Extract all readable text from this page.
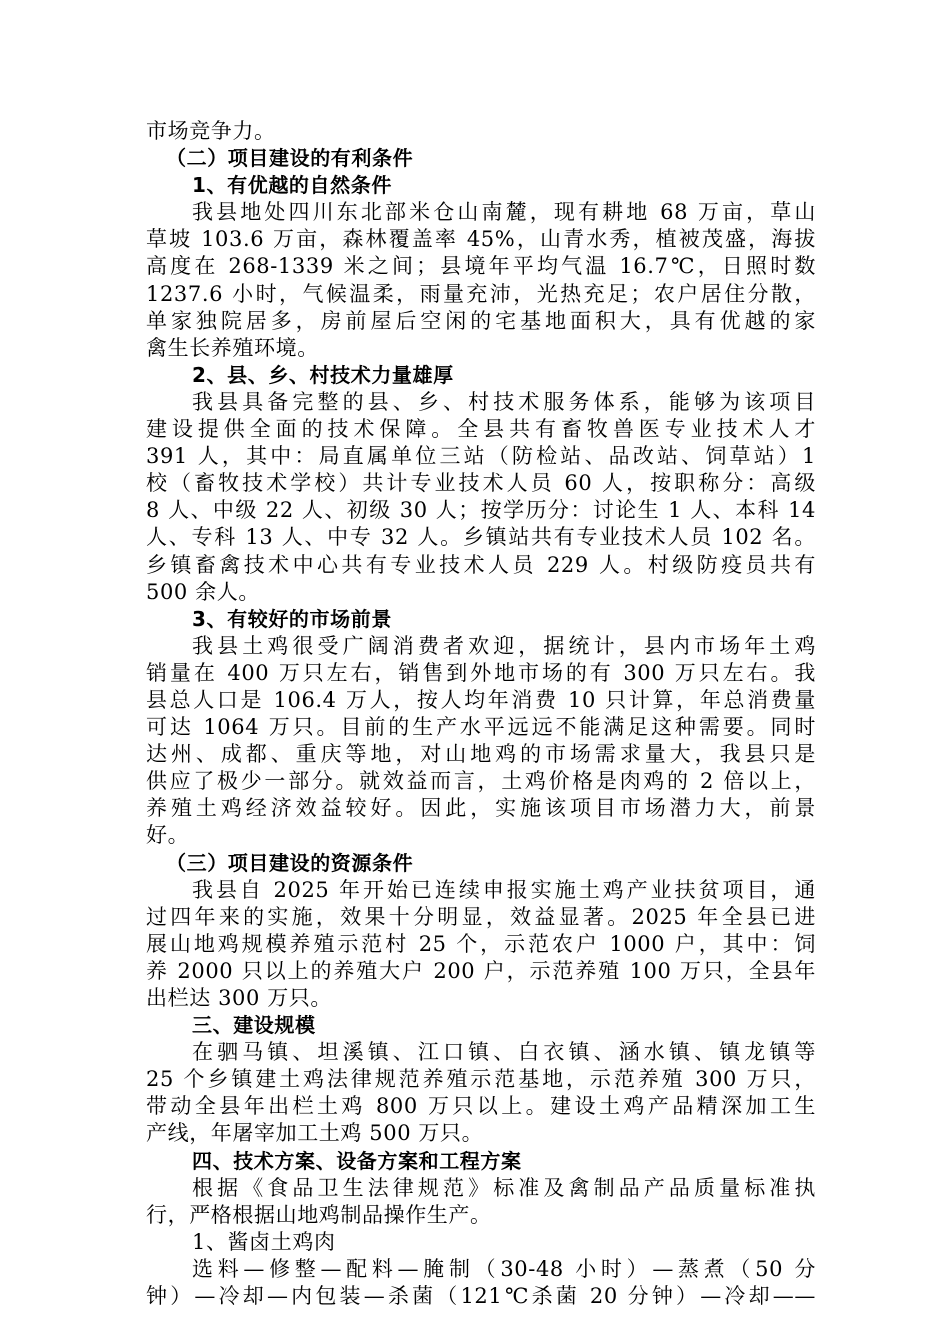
市场竞争力。
（二）项目建设的有利条件
1、有优越的自然条件
我县地处四川东北部米仓山南麓，现有耕地 68 万亩，草山
草坡 103.6 万亩，森林覆盖率 45%，山青水秀，植被茂盛，海拔
高度在 268-1339 米之间；县境年平均气温 16.7℃，日照时数
1237.6 小时，气候温柔，雨量充沛，光热充足；农户居住分散，
单家独院居多，房前屋后空闲的宅基地面积大，具有优越的家
禽生长养殖环境。
2、县、乡、村技术力量雄厚
我县具备完整的县、乡、村技术服务体系，能够为该项目
建设提供全面的技术保障。全县共有畜牧兽医专业技术人才
391 人，其中：局直属单位三站（防检站、品改站、饲草站）1
校（畜牧技术学校）共计专业技术人员 60 人，按职称分：高级
8 人、中级 22 人、初级 30 人；按学历分：讨论生 1 人、本科 14
人、专科 13 人、中专 32 人。乡镇站共有专业技术人员 102 名。
乡镇畜禽技术中心共有专业技术人员 229 人。村级防疫员共有
500 余人。
3、有较好的市场前景
我县土鸡很受广阔消费者欢迎，据统计，县内市场年土鸡
销量在 400 万只左右，销售到外地市场的有 300 万只左右。我
县总人口是 106.4 万人，按人均年消费 10 只计算，年总消费量
可达 1064 万只。目前的生产水平远远不能满足这种需要。同时
达州、成都、重庆等地，对山地鸡的市场需求量大，我县只是
供应了极少一部分。就效益而言，土鸡价格是肉鸡的 2 倍以上，
养殖土鸡经济效益较好。因此，实施该项目市场潜力大，前景
好。
（三）项目建设的资源条件
我县自 2025 年开始已连续申报实施土鸡产业扶贫项目，通
过四年来的实施，效果十分明显，效益显著。2025 年全县已进
展山地鸡规模养殖示范村 25 个，示范农户 1000 户，其中：饲
养 2000 只以上的养殖大户 200 户，示范养殖 100 万只，全县年
出栏达 300 万只。
三、建设规模
在驷马镇、坦溪镇、江口镇、白衣镇、涵水镇、镇龙镇等
25 个乡镇建土鸡法律规范养殖示范基地，示范养殖 300 万只，
带动全县年出栏土鸡 800 万只以上。建设土鸡产品精深加工生
产线，年屠宰加工土鸡 500 万只。
四、技术方案、设备方案和工程方案
根据《食品卫生法律规范》标准及禽制品产品质量标准执
行，严格根据山地鸡制品操作生产。
1、酱卤土鸡肉
选料—修整—配料—腌制（30-48 小时）—蒸煮（50 分
钟）—冷却—内包装—杀菌（121℃杀菌 20 分钟）—冷却——
